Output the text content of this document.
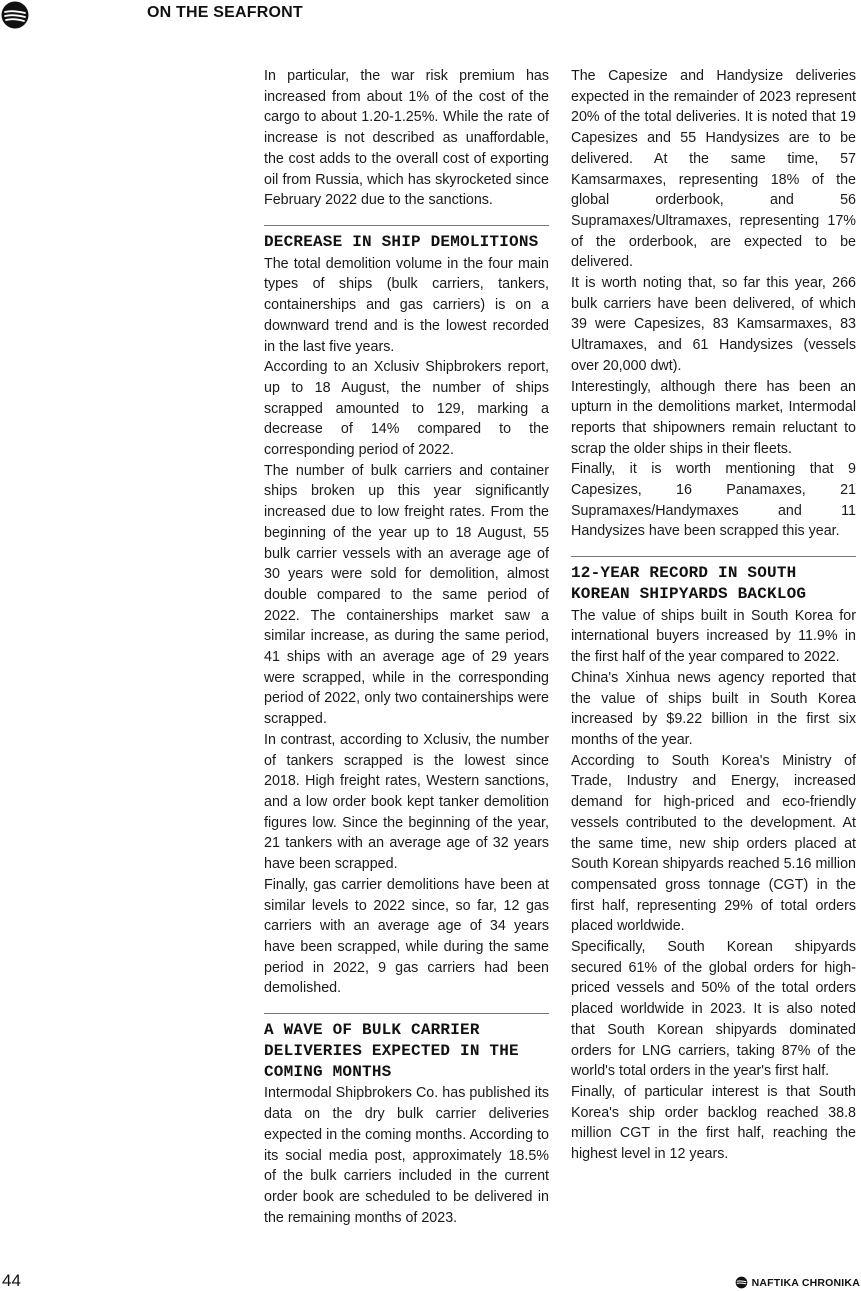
ON THE SEAFRONT

In particular, the war risk premium has increased from about 1% of the cost of the cargo to about 1.20-1.25%. While the rate of increase is not described as unaffordable, the cost adds to the overall cost of exporting oil from Russia, which has skyrocketed since February 2022 due to the sanctions.

DECREASE IN SHIP DEMOLITIONS

The total demolition volume in the four main types of ships (bulk carriers, tankers, containerships and gas carriers) is on a downward trend and is the lowest recorded in the last five years.

According to an Xclusiv Shipbrokers report, up to 18 August, the number of ships scrapped amounted to 129, marking a decrease of 14% compared to the corresponding period of 2022.

The number of bulk carriers and container ships broken up this year significantly increased due to low freight rates. From the beginning of the year up to 18 August, 55 bulk carrier vessels with an average age of 30 years were sold for demolition, almost double compared to the same period of 2022. The containerships market saw a similar increase, as during the same period, 41 ships with an average age of 29 years were scrapped, while in the corresponding period of 2022, only two containerships were scrapped.

In contrast, according to Xclusiv, the number of tankers scrapped is the lowest since 2018. High freight rates, Western sanctions, and a low order book kept tanker demolition figures low. Since the beginning of the year, 21 tankers with an average age of 32 years have been scrapped.

Finally, gas carrier demolitions have been at similar levels to 2022 since, so far, 12 gas carriers with an average age of 34 years have been scrapped, while during the same period in 2022, 9 gas carriers had been demolished.

A WAVE OF BULK CARRIER DELIVERIES EXPECTED IN THE COMING MONTHS

Intermodal Shipbrokers Co. has published its data on the dry bulk carrier deliveries expected in the coming months. According to its social media post, approximately 18.5% of the bulk carriers included in the current order book are scheduled to be delivered in the remaining months of 2023.

The Capesize and Handysize deliveries expected in the remainder of 2023 represent 20% of the total deliveries. It is noted that 19 Capesizes and 55 Handysizes are to be delivered. At the same time, 57 Kamsarmaxes, representing 18% of the global orderbook, and 56 Supramaxes/Ultramaxes, representing 17% of the orderbook, are expected to be delivered.

It is worth noting that, so far this year, 266 bulk carriers have been delivered, of which 39 were Capesizes, 83 Kamsarmaxes, 83 Ultramaxes, and 61 Handysizes (vessels over 20,000 dwt).

Interestingly, although there has been an upturn in the demolitions market, Intermodal reports that shipowners remain reluctant to scrap the older ships in their fleets.

Finally, it is worth mentioning that 9 Capesizes, 16 Panamaxes, 21 Supramaxes/Handymaxes and 11 Handysizes have been scrapped this year.

12-YEAR RECORD IN SOUTH KOREAN SHIPYARDS BACKLOG

The value of ships built in South Korea for international buyers increased by 11.9% in the first half of the year compared to 2022.

China's Xinhua news agency reported that the value of ships built in South Korea increased by $9.22 billion in the first six months of the year.

According to South Korea's Ministry of Trade, Industry and Energy, increased demand for high-priced and eco-friendly vessels contributed to the development. At the same time, new ship orders placed at South Korean shipyards reached 5.16 million compensated gross tonnage (CGT) in the first half, representing 29% of total orders placed worldwide.

Specifically, South Korean shipyards secured 61% of the global orders for high-priced vessels and 50% of the total orders placed worldwide in 2023. It is also noted that South Korean shipyards dominated orders for LNG carriers, taking 87% of the world's total orders in the year's first half.

Finally, of particular interest is that South Korea's ship order backlog reached 38.8 million CGT in the first half, reaching the highest level in 12 years.

44	NAFTIKA CHRONIKA
